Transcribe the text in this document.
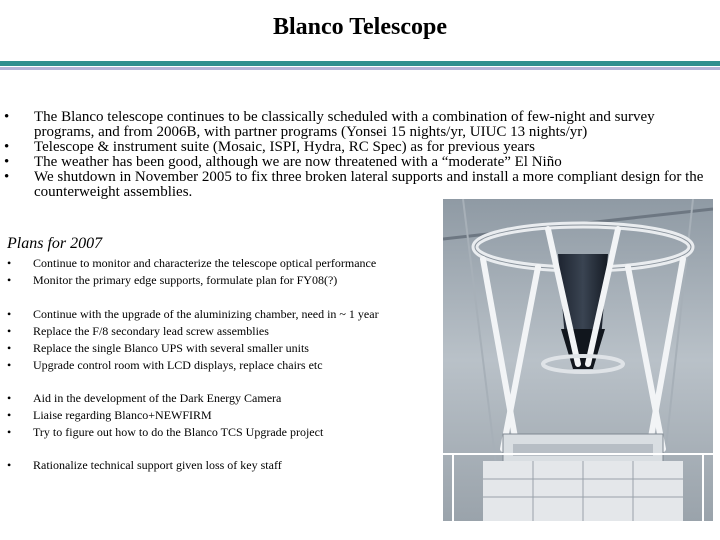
Blanco Telescope
• The Blanco telescope continues to be classically scheduled with a combination of few-night and survey programs, and from 2006B, with partner programs (Yonsei 15 nights/yr, UIUC 13 nights/yr)
• Telescope & instrument suite (Mosaic, ISPI, Hydra, RC Spec) as for previous years
• The weather has been good, although we are now threatened with a “moderate” El Niño
• We shutdown in November 2005 to fix three broken lateral supports and install a more compliant design for the counterweight assemblies.
Plans for 2007
• Continue to monitor and characterize the telescope optical performance
• Monitor the primary edge supports, formulate plan for FY08(?)
• Continue with the upgrade of the aluminizing chamber, need in ~ 1 year
• Replace the F/8 secondary lead screw assemblies
• Replace the single Blanco UPS with several smaller units
• Upgrade control room with LCD displays, replace chairs etc
• Aid in the development of the Dark Energy Camera
• Liaise regarding Blanco+NEWFIRM
• Try to figure out how to do the Blanco TCS Upgrade project
• Rationalize technical support given loss of key staff
